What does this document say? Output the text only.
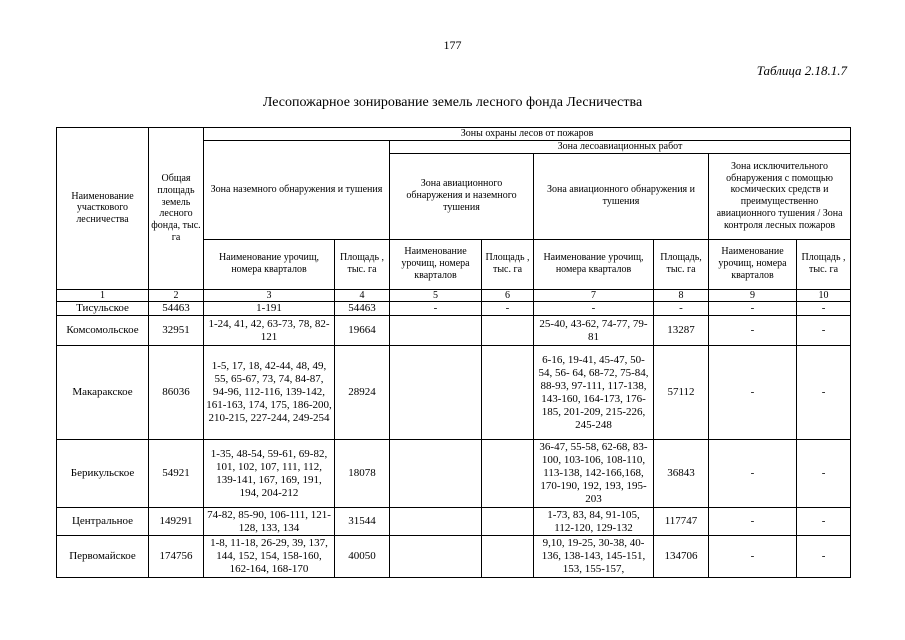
177
Таблица 2.18.1.7
Лесопожарное зонирование земель лесного фонда Лесничества
Наименование участкового лесничества	Общая площадь земель лесного фонда, тыс. га	Зоны охраны лесов от пожаров							
		Зона наземного обнаружения и тушения		Зона лесоавиационных работ					
				Зона авиационного обнаружения и наземного тушения		Зона авиационного обнаружения и тушения		Зона исключительного обнаружения с помощью космических средств и преимущественно авиационного тушения / Зона контроля лесных пожаров	
		Наименование урочищ, номера кварталов	Площадь , тыс. га	Наименование урочищ, номера кварталов	Площадь , тыс. га	Наименование урочищ, номера кварталов	Площадь, тыс. га	Наименование урочищ, номера кварталов	Площадь , тыс. га
1	2	3	4	5	6	7	8	9	10
Тисульское	54463	1-191	54463	-	-	-	-	-	-
Комсомольское	32951	1-24, 41, 42, 63-73, 78, 82-121	19664			25-40, 43-62, 74-77, 79-81	13287	-	-
Макаракское	86036	1-5, 17, 18, 42-44, 48, 49, 55, 65-67, 73, 74, 84-87, 94-96, 112-116, 139-142, 161-163, 174, 175, 186-200, 210-215, 227-244, 249-254	28924			6-16, 19-41, 45-47, 50-54, 56- 64, 68-72, 75-84, 88-93, 97-111, 117-138, 143-160, 164-173, 176-185, 201-209, 215-226, 245-248	57112	-	-
Берикульское	54921	1-35, 48-54, 59-61, 69-82, 101, 102, 107, 111, 112, 139-141, 167, 169, 191, 194, 204-212	18078			36-47, 55-58, 62-68, 83-100, 103-106, 108-110, 113-138, 142-166,168, 170-190, 192, 193, 195-203	36843	-	-
Центральное	149291	74-82, 85-90, 106-111, 121-128, 133, 134	31544			1-73, 83, 84, 91-105, 112-120, 129-132	117747	-	-
Первомайское	174756	1-8, 11-18, 26-29, 39, 137, 144, 152, 154, 158-160, 162-164, 168-170	40050			9,10, 19-25, 30-38, 40-136, 138-143, 145-151, 153, 155-157,	134706	-	-
